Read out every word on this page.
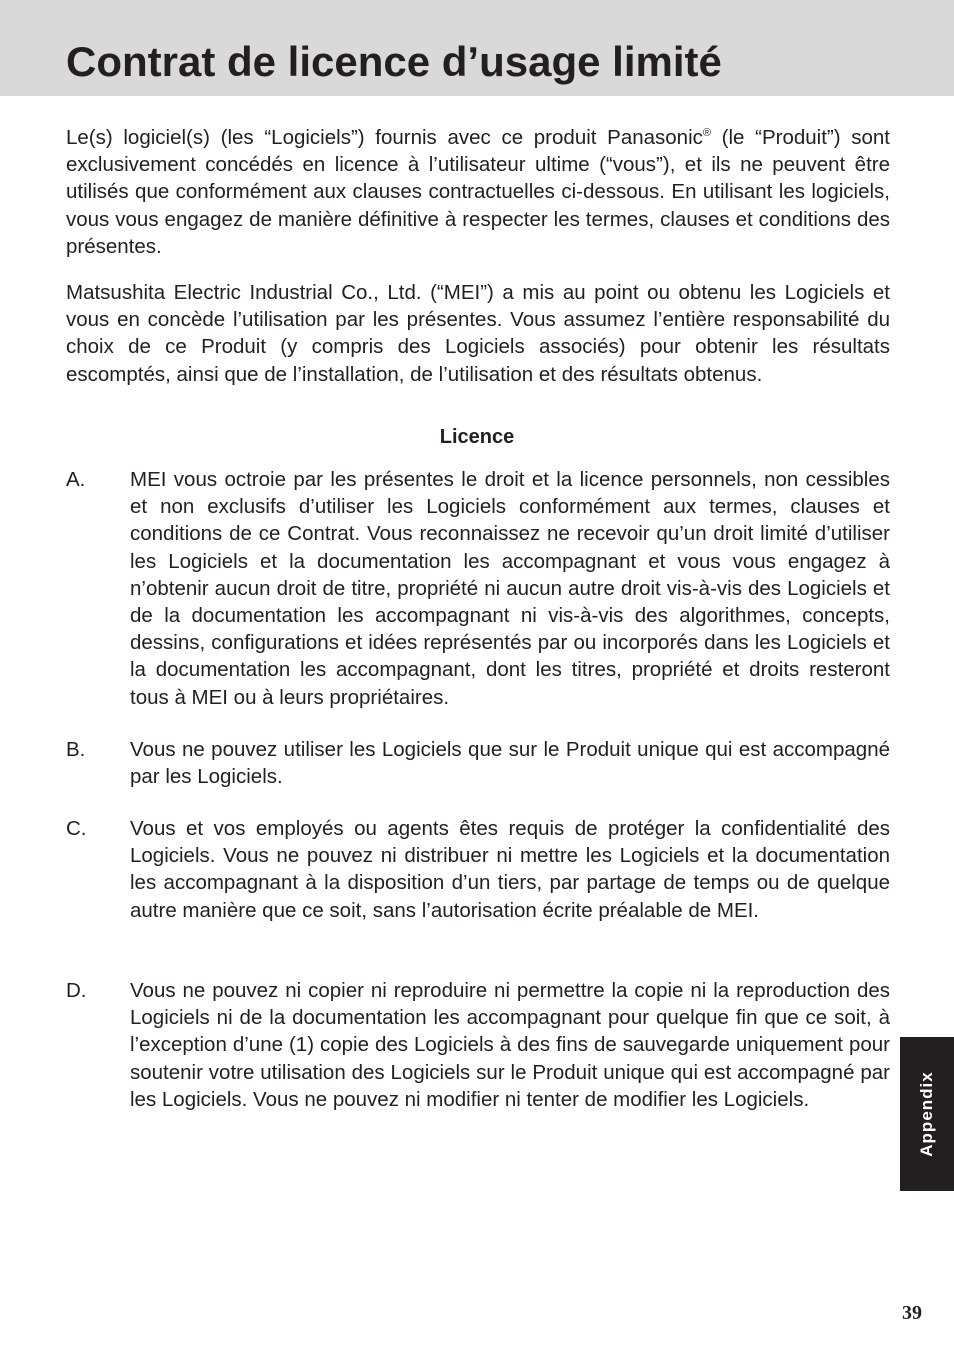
Contrat de licence d’usage limité

Le(s) logiciel(s) (les “Logiciels”) fournis avec ce produit Panasonic® (le “Produit”) sont exclusivement concédés en licence à l’utilisateur ultime (“vous”), et ils ne peuvent être utilisés que conformément aux clauses contractuelles ci-dessous. En utilisant les logiciels, vous vous engagez de manière définitive à respecter les termes, clauses et conditions des présentes.

Matsushita Electric Industrial Co., Ltd. (“MEI”) a mis au point ou obtenu les Logiciels et vous en concède l’utilisation par les présentes. Vous assumez l’entière responsabilité du choix de ce Produit (y compris des Logiciels associés) pour obtenir les résultats escomptés, ainsi que de l’installation, de l’utilisation et des résultats obtenus.

Licence
A. MEI vous octroie par les présentes le droit et la licence personnels, non cessibles et non exclusifs d’utiliser les Logiciels conformément aux termes, clauses et conditions de ce Contrat. Vous reconnaissez ne recevoir qu’un droit limité d’utiliser les Logiciels et la documentation les accompagnant et vous vous engagez à n’obtenir aucun droit de titre, propriété ni aucun autre droit vis-à-vis des Logiciels et de la documentation les accompagnant ni vis-à-vis des algorithmes, concepts, dessins, configurations et idées représentés par ou incorporés dans les Logiciels et la documentation les accompagnant, dont les titres, propriété et droits resteront tous à MEI ou à leurs propriétaires.

B. Vous ne pouvez utiliser les Logiciels que sur le Produit unique qui est accompagné par les Logiciels.

C. Vous et vos employés ou agents êtes requis de protéger la confidentialité des Logiciels. Vous ne pouvez ni distribuer ni mettre les Logiciels et la documentation les accompagnant à la disposition d’un tiers, par partage de temps ou de quelque autre manière que ce soit, sans l’autorisation écrite préalable de MEI.

D. Vous ne pouvez ni copier ni reproduire ni permettre la copie ni la reproduction des Logiciels ni de la documentation les accompagnant pour quelque fin que ce soit, à l’exception d’une (1) copie des Logiciels à des fins de sauvegarde uniquement pour soutenir votre utilisation des Logiciels sur le Produit unique qui est accompagné par les Logiciels. Vous ne pouvez ni modifier ni tenter de modifier les Logiciels.	Appendix
39
